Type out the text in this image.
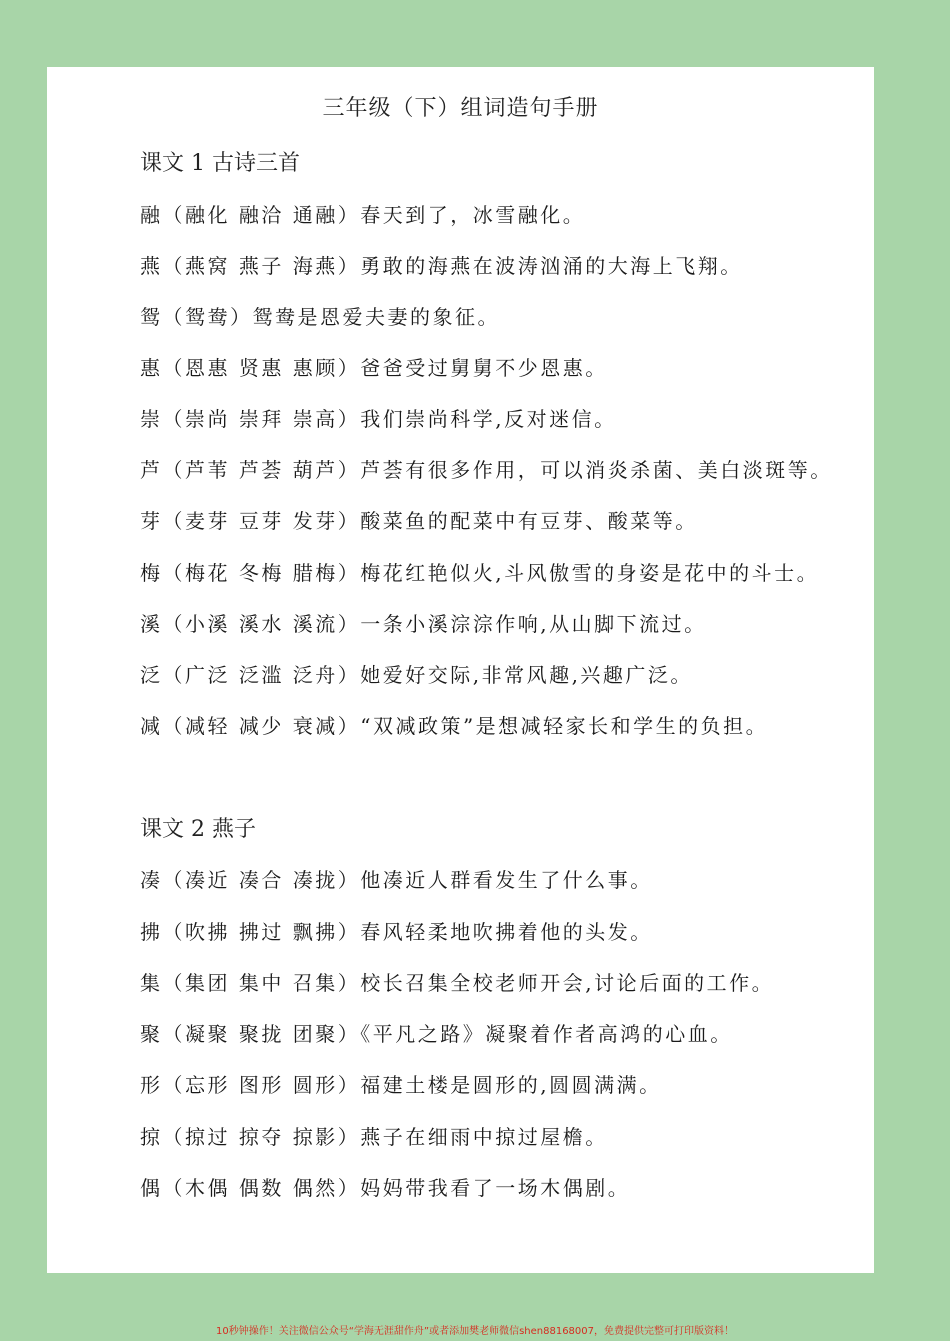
三年级（下）组词造句手册
课文 1 古诗三首
融（融化 融洽 通融）春天到了，冰雪融化。
燕（燕窝 燕子 海燕）勇敢的海燕在波涛汹涌的大海上飞翔。
鸳（鸳鸯）鸳鸯是恩爱夫妻的象征。
惠（恩惠 贤惠 惠顾）爸爸受过舅舅不少恩惠。
崇（崇尚 崇拜 崇高）我们崇尚科学,反对迷信。
芦（芦苇 芦荟 葫芦）芦荟有很多作用，可以消炎杀菌、美白淡斑等。
芽（麦芽 豆芽 发芽）酸菜鱼的配菜中有豆芽、酸菜等。
梅（梅花 冬梅 腊梅）梅花红艳似火,斗风傲雪的身姿是花中的斗士。
溪（小溪 溪水 溪流）一条小溪淙淙作响,从山脚下流过。
泛（广泛 泛滥 泛舟）她爱好交际,非常风趣,兴趣广泛。
减（减轻 减少 衰减）“双减政策”是想减轻家长和学生的负担。
课文 2 燕子
凑（凑近 凑合 凑拢）他凑近人群看发生了什么事。
拂（吹拂 拂过 飘拂）春风轻柔地吹拂着他的头发。
集（集团 集中 召集）校长召集全校老师开会,讨论后面的工作。
聚（凝聚 聚拢 团聚）《平凡之路》凝聚着作者高鸿的心血。
形（忘形 图形 圆形）福建土楼是圆形的,圆圆满满。
掠（掠过 掠夺 掠影）燕子在细雨中掠过屋檐。
偶（木偶 偶数 偶然）妈妈带我看了一场木偶剧。
10秒钟操作！关注微信公众号“学海无涯甜作舟”或者添加樊老师微信shen88168007，免费提供完整可打印版资料！
